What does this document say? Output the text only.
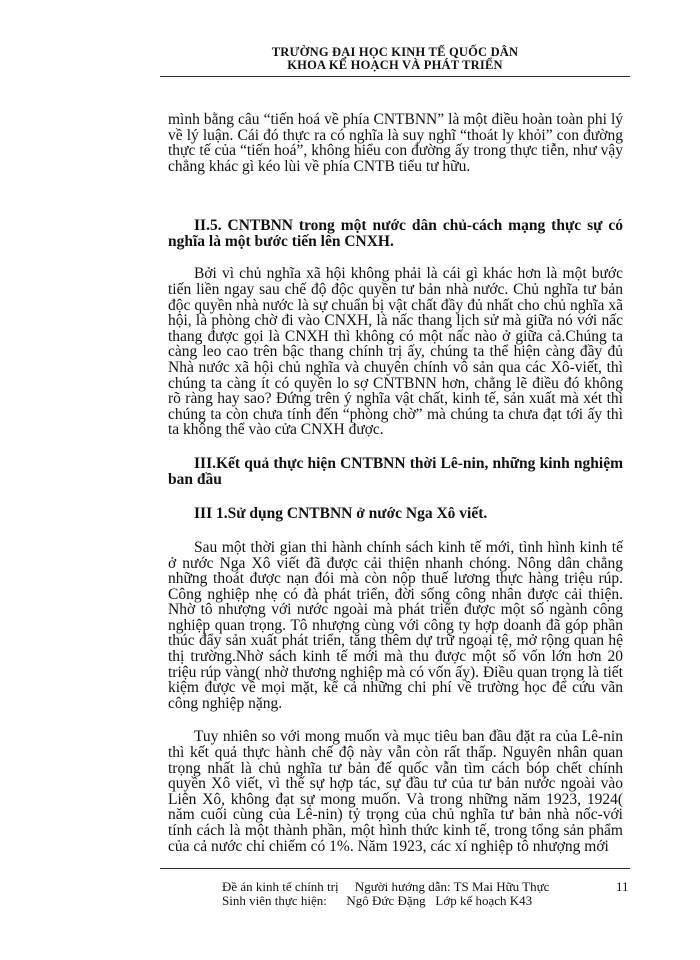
TRƯỜNG ĐẠI HỌC KINH TẾ QUỐC DÂN
KHOA KẾ HOẠCH VÀ PHÁT TRIỂN

mình bằng câu “tiến hoá về phía CNTBNN” là một điều hoàn toàn phi lý về lý luận. Cái đó thực ra có nghĩa là suy nghĩ “thoát ly khỏi” con đường thực tế của “tiến hoá”, không hiểu con đường ấy trong thực tiễn, như vậy chẳng khác gì kéo lùi về phía CNTB tiểu tư hữu.

II.5. CNTBNN trong một nước dân chủ-cách mạng thực sự có nghĩa là một bước tiến lên CNXH.

Bởi vì chủ nghĩa xã hội không phải là cái gì khác hơn là một bước tiến liền ngay sau chế độ độc quyền tư bản nhà nước. Chủ nghĩa tư bản độc quyền nhà nước là sự chuẩn bị vật chất đầy đủ nhất cho chủ nghĩa xã hội, là phòng chờ đi vào CNXH, là nấc thang lịch sử mà giữa nó với nấc thang được gọi là CNXH thì không có một nấc nào ở giữa cả.Chúng ta càng leo cao trên bậc thang chính trị ấy, chúng ta thể hiện càng đầy đủ Nhà nước xã hội chủ nghĩa và chuyên chính vô sản qua các Xô-viết, thì chúng ta càng ít có quyền lo sợ CNTBNN hơn, chẳng lẽ điều đó không rõ ràng hay sao? Đứng trên ý nghĩa vật chất, kinh tế, sản xuất mà xét thì chúng ta còn chưa tính đến “phòng chờ” mà chúng ta chưa đạt tới ấy thì ta không thể vào cửa CNXH được.

III.Kết quả thực hiện CNTBNN thời Lê-nin, những kinh nghiệm ban đầu

III 1.Sử dụng CNTBNN ở nước Nga Xô viết.

Sau một thời gian thi hành chính sách kinh tế mới, tình hình kinh tế ở nước Nga Xô viết đã được cải thiện nhanh chóng. Nông dân chẳng những thoát được nạn đói mà còn nộp thuế lương thực hàng triệu rúp. Công nghiệp nhẹ có đà phát triển, đời sống công nhân được cải thiện. Nhờ tô nhượng với nước ngoài mà phát triển được một số ngành công nghiệp quan trọng. Tô nhượng cùng với công ty hợp doanh đã góp phần thúc đẩy sản xuất phát triển, tăng thêm dự trữ ngoại tệ, mở rộng quan hệ thị trường.Nhờ sách kinh tế mới mà thu được một số vốn lớn hơn 20 triệu rúp vàng( nhờ thương nghiệp mà có vốn ấy). Điều quan trọng là tiết kiệm được về mọi mặt, kể cả những chi phí về trường học để cứu vãn công nghiệp nặng.

Tuy nhiên so với mong muốn và mục tiêu ban đầu đặt ra của Lê-nin thì kết quả thực hành chế độ này vẫn còn rất thấp. Nguyên nhân quan trọng nhất là chủ nghĩa tư bản đế quốc vẫn tìm cách bóp chết chính quyền Xô viết, vì thế sự hợp tác, sự đầu tư của tư bản nước ngoài vào Liên Xô, không đạt sự mong muốn. Và trong những năm 1923, 1924( năm cuối cùng của Lê-nin) tỷ trọng của chủ nghĩa tư bản nhà nốc-với tính cách là một thành phần, một hình thức kinh tế, trong tổng sản phẩm của cả nước chỉ chiếm có 1%. Năm 1923, các xí nghiệp tô nhượng mới

Đề án kinh tế chính trị     Người hướng dẫn: TS Mai Hữu Thực
Sinh viên thực hiện:      Ngô Đức Đặng   Lớp kế hoạch K43
11
